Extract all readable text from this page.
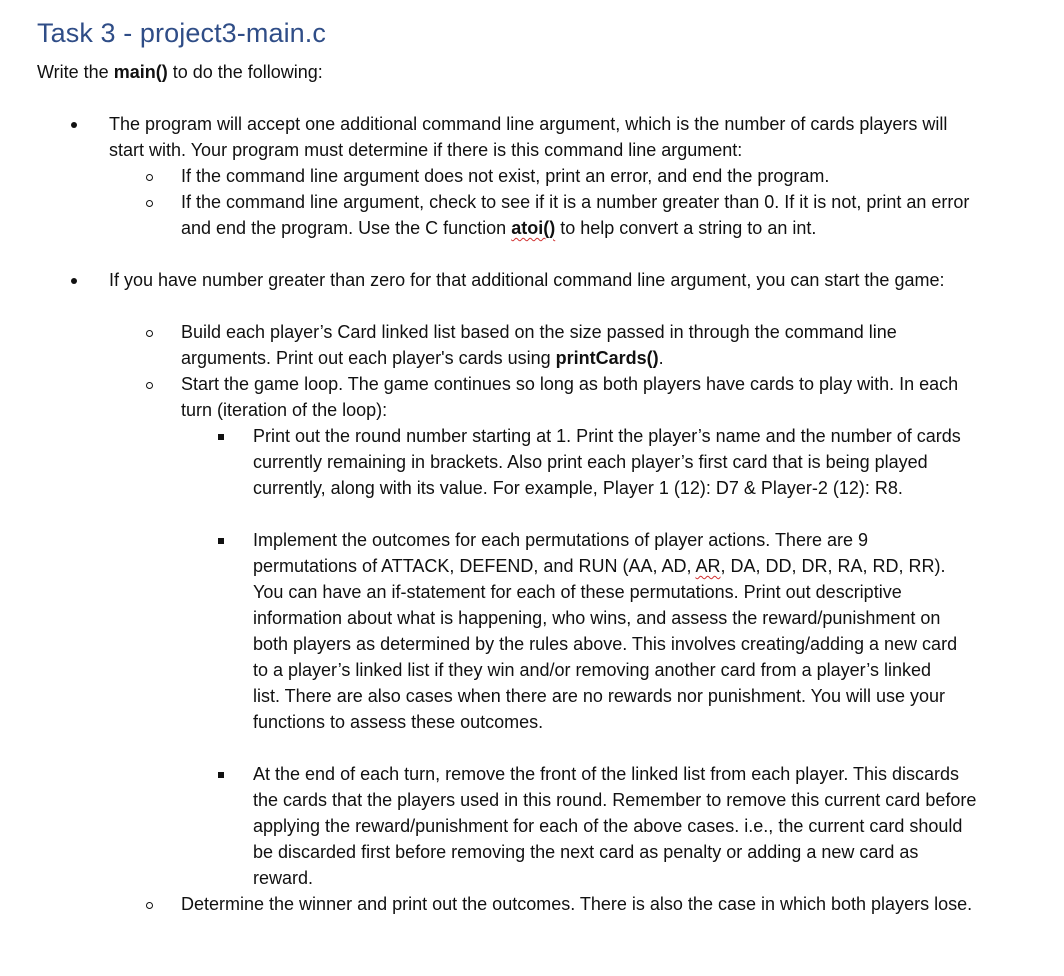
Task 3 - project3-main.c
Write the main() to do the following:
The program will accept one additional command line argument, which is the number of cards players will start with. Your program must determine if there is this command line argument:
If the command line argument does not exist, print an error, and end the program.
If the command line argument, check to see if it is a number greater than 0. If it is not, print an error and end the program. Use the C function atoi() to help convert a string to an int.
If you have number greater than zero for that additional command line argument, you can start the game:
Build each player’s Card linked list based on the size passed in through the command line arguments. Print out each player's cards using printCards().
Start the game loop. The game continues so long as both players have cards to play with. In each turn (iteration of the loop):
Print out the round number starting at 1. Print the player’s name and the number of cards currently remaining in brackets. Also print each player’s first card that is being played currently, along with its value. For example, Player 1 (12): D7 & Player-2 (12): R8.
Implement the outcomes for each permutations of player actions. There are 9 permutations of ATTACK, DEFEND, and RUN (AA, AD, AR, DA, DD, DR, RA, RD, RR). You can have an if-statement for each of these permutations. Print out descriptive information about what is happening, who wins, and assess the reward/punishment on both players as determined by the rules above. This involves creating/adding a new card to a player’s linked list if they win and/or removing another card from a player’s linked list. There are also cases when there are no rewards nor punishment. You will use your functions to assess these outcomes.
At the end of each turn, remove the front of the linked list from each player. This discards the cards that the players used in this round. Remember to remove this current card before applying the reward/punishment for each of the above cases. i.e., the current card should be discarded first before removing the next card as penalty or adding a new card as reward.
Determine the winner and print out the outcomes. There is also the case in which both players lose.
